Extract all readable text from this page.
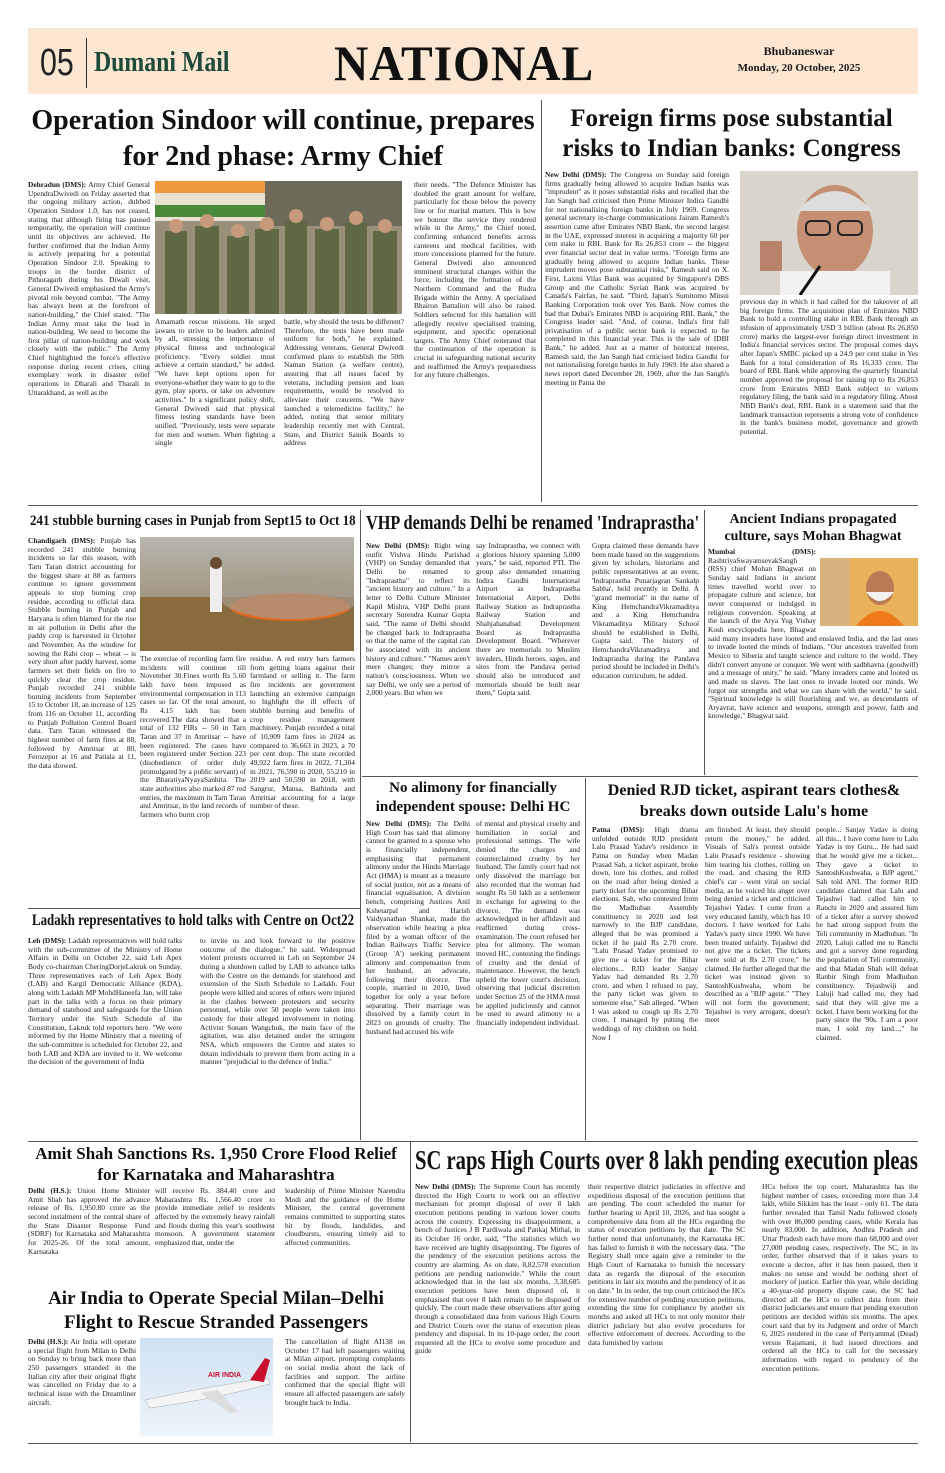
05 Dumani Mail NATIONAL	Bhubaneswar
Monday, 20 October, 2025
Operation Sindoor will continue, prepares for 2nd phase: Army Chief
Dehradun (DMS): Army Chief General UpendraDwivedi on Friday asserted that the ongoing military action, dubbed Operation Sindoor 1.0, has not ceased, stating that although firing has paused temporarily, the operation will continue until its objectives are achieved. He further confirmed that the Indian Army is actively preparing for a potential Operation Sindoor 2.0. Speaking to troops in the border district of Pithoragarh during his Diwali visit, General Dwivedi emphasised the Army's pivotal role beyond combat. "The Army has always been at the forefront of nation-building," the Chief stated. "The Indian Army must take the lead in nation-building. We need to become the first pillar of nation-building and work closely with the public." The Army Chief highlighted the force's effective response during recent crises, citing exemplary work in disaster relief operations in Dharali and Tharali in Uttarakhand, as well as the
Amarnath rescue missions. He urged jawans to strive to be leaders admired by all, stressing the importance of physical fitness and technological proficiency. "Every soldier must achieve a certain standard," he added. "We have kept options open for everyone-whether they want to go to the gym, play sports, or take on adventure activities." In a significant policy shift, General Dwivedi said that physical fitness testing standards have been unified. "Previously, tests were separate for men and women. When fighting a single
battle, why should the tests be different? Therefore, the tests have been made uniform for both," he explained. Addressing veterans, General Dwivedi confirmed plans to establish the 50th Naman Station (a welfare centre), assuring that all issues faced by veterans, including pension and loan requirements, would be resolved to alleviate their concerns. "We have launched a telemedicine facility," he added, noting that senior military leadership recently met with Central, State, and District Sainik Boards to address
their needs. "The Defence Minister has doubled the grant amount for welfare, particularly for those below the poverty line or for marital matters. This is how we honour the service they rendered while in the Army," the Chief noted, confirming enhanced benefits across canteens and medical facilities, with more concessions planned for the future. General Dwivedi also announced imminent structural changes within the force, including the formation of the Northern Command and the Rudra Brigade within the Army. A specialised Bhairon Battalion will also be raised. Soldiers selected for this battalion will allegedly receive specialised training, equipment, and specific operational targets. The Army Chief reiterated that the continuation of the operation is crucial in safeguarding national security and reaffirmed the Army's preparedness for any future challenges.
Foreign firms pose substantial risks to Indian banks: Congress
New Delhi (DMS): The Congress on Sunday said foreign firms gradually being allowed to acquire Indian banks was "imprudent" as it poses substantial risks and recalled that the Jan Sangh had criticised then Prime Minister Indira Gandhi for not nationalising foreign banks in July 1969. Congress general secretary in-charge communications Jairam Ramesh's assertion came after Emirates NBD Bank, the second largest in the UAE, expressed interest in acquiring a majority 60 per cent stake in RBL Bank for Rs 26,853 crore -- the biggest ever financial sector deal in value terms. "Foreign firms are gradually being allowed to acquire Indian banks. These imprudent moves pose substantial risks," Ramesh said on X. First, Laxmi Vilas Bank was acquired by Singapore's DBS Group and the Catholic Syrian Bank was acquired by Canada's Fairfax, he said. "Third, Japan's Sumitomo Mitsui Banking Corporation took over Yes Bank. Now comes the bad that Dubai's Emirates NBD is acquiring RBL Bank," the Congress leader said. "And, of course, India's first full privatisation of a public sector bank is expected to be completed in this financial year. This is the sale of IDBI Bank," he added. Just as a matter of historical interest, Ramesh said, the Jan Sangh had criticised Indira Gandhi for not nationalising foreign banks in July 1969. He also shared a news report dated December 28, 1969, after the Jan Sangh's meeting in Patna the
previous day in which it had called for the takeover of all big foreign firms. The acquisition plan of Emirates NBD Bank to hold a controlling stake in RBL Bank through an infusion of approximately USD 3 billion (about Rs 26,850 crore) marks the largest-ever foreign direct investment in India's financial services sector. The proposal comes days after Japan's SMBC picked up a 24.9 per cent stake in Yes Bank for a total consideration of Rs 16,333 crore. The board of RBL Bank while approving the quarterly financial number approved the proposal for raising up to Rs 26,853 crore from Emirates NBD Bank subject to various regulatory filing, the bank said in a regulatory filing. About NBD Bank's deal, RBL Bank in a statement said that the landmark transaction represents a strong vote of confidence in the bank's business model, governance and growth potential.
241 stubble burning cases in Punjab from Sept15 to Oct 18
Chandigarh (DMS): Punjab has recorded 241 stubble burning incidents so far this season, with Tarn Taran district accounting for the biggest share at 88 as farmers continue to ignore government appeals to stop burning crop residue, according to official data. Stubble burning in Punjab and Haryana is often blamed for the rise in air pollution in Delhi after the paddy crop is harvested in October and November. As the window for sowing the Rabi crop -- wheat -- is very short after paddy harvest, some farmers set their fields on fire to quickly clear the crop residue. Punjab recorded 241 stubble burning incidents from September 15 to October 18, an increase of 125 from 116 on October 11, according to Punjab Pollution Control Board data. Tarn Taran witnessed the highest number of farm fires at 88, followed by Amritsar at 80, Ferozepur at 16 and Patiala at 11, the data showed.
The exercise of recording farm fire incidents will continue till November 30.Fines worth Rs 5.60 lakh have been imposed as environmental compensation in 113 cases so far. Of the total amount, Rs 4.15 lakh has been recovered.The data showed that a total of 132 FIRs -- 50 in Tarn Taran and 37 in Amritsar -- have been registered. The cases have been registered under Section 223 (disobedience of order duly promulgated by a public servant) of the BharatiyaNyayaSanhita. The state authorities also marked 87 red entries, the maximum in Tarn Taran and Amritsar, in the land records of farmers who burnt crop
residue. A red entry bars farmers from getting loans against their farmland or selling it. The farm fire incidents are government launching an extensive campaign to highlight the ill effects of stubble burning and benefits of crop residue management machinery. Punjab recorded a total of 10,909 farm fires in 2024 as compared to 36,663 in 2023, a 70 per cent drop. The state recorded 49,922 farm fires in 2022, 71,304 in 2021, 76,590 in 2020, 55,210 in 2019 and 50,590 in 2018, with Sangrur, Mansa, Bathinda and Amritsar accounting for a large number of these.
VHP demands Delhi be renamed 'Indraprastha'
New Delhi (DMS): Right wing outfit Vishva Hindu Parishad (VHP) on Sunday demanded that Delhi be renamed to "Indraprastha" to reflect its "ancient history and culture." In a letter to Delhi Culture Minister Kapil Mishra, VHP Delhi prant secretary Surendra Kumar Gupta said, "The name of Delhi should be changed back to Indraprastha so that the name of the capital can be associated with its ancient history and culture." "Names aren't mere changes; they mirror a nation's consciousness. When we say Delhi, we only see a period of 2,000 years. But when we
say Indraprastha, we connect with a glorious history spanning 5,000 years," he said, reported PTI. The group also demanded renaming Indira Gandhi International Airport as Indraprastha International Airport, Delhi Railway Station as Indraprastha Railway Station and Shahjahanabad Development Board as Indraprastha Development Board. "Wherever there are memorials to Muslim invaders, Hindu heroes, sages, and sites from the Pandava period should also be introduced and memorials should be built near them," Gupta said.
Gupta claimed these demands have been made based on the suggestions given by scholars, historians and public representatives at an event, 'Indraprastha Punarjagran Sankalp Sabha', held recently in Delhi. A "grand memorial" in the name of King HemchandraVikramaditya and a King Hemchandra Vikramaditya Military School should be established in Delhi, Gupta said. The history of HemchandraVikramaditya and Indraprastha during the Pandava period should be included in Delhi's education curriculum, he added.
Ancient Indians propagated culture, says Mohan Bhagwat
Mumbai (DMS): RashtriyaSwayamsevakSangh (RSS) chief Mohan Bhagwat on Sunday said Indians in ancient times travelled world over to propagate culture and science, but never conquered or indulged in religious conversion. Speaking at the launch of the Arya Yug Vishay Kosh encyclopedia here, Bhagwat said many invaders have looted and enslaved India, and the last ones to invade looted the minds of Indians. "Our ancestors travelled from Mexico to Siberia and taught science and culture to the world. They didn't convert anyone or conquer. We went with sadbhavna (goodwill) and a message of unity," he said. "Many invaders came and looted us and made us slaves. The last ones to invade looted our minds. We forgot our strengths and what we can share with the world," he said. "Spiritual knowledge is still flourishing and we, as descendants of Aryavrat, have science and weapons, strength and power, faith and knowledge," Bhagwat said.
No alimony for financially independent spouse: Delhi HC
New Delhi (DMS): The Delhi High Court has said that alimony cannot be granted to a spouse who is financially independent, emphasising that permanent alimony under the Hindu Marriage Act (HMA) is meant as a measure of social justice, not as a means of financial equalisation. A division bench, comprising Justices Anil Kshetarpal and Harish Vaidyanathan Shankar, made the observation while hearing a plea filed by a woman officer of the Indian Railways Traffic Service (Group 'A') seeking permanent alimony and compensation from her husband, an advocate, following their divorce. The couple, married in 2010, lived together for only a year before separating. Their marriage was dissolved by a family court in 2023 on grounds of cruelty. The husband had accused his wife
of mental and physical cruelty and humiliation in social and professional settings. The wife denied the charges and counterclaimed cruelty by her husband. The family court had not only dissolved the marriage but also recorded that the woman had sought Rs 50 lakh as a settlement in exchange for agreeing to the divorce. The demand was acknowledged in her affidavit and reaffirmed during cross-examination. The court refused her plea for alimony. The woman moved HC, contesting the findings of cruelty and the denial of maintenance. However, the bench upheld the lower court's decision, observing that judicial discretion under Section 25 of the HMA must be applied judiciously and cannot be used to award alimony to a financially independent individual.
Denied RJD ticket, aspirant tears clothes& breaks down outside Lalu's home
Patna (DMS): High drama unfolded outside RJD president Lalu Prasad Yadav's residence in Patna on Sunday when Madan Prasad Sah, a ticket aspirant, broke down, tore his clothes, and rolled on the road after being denied a party ticket for the upcoming Bihar elections. Sah, who contested from the Madhuban Assembly constituency in 2020 and lost narrowly to the BJP candidate, alleged that he was promised a ticket if he paid Rs 2.70 crore. "Lalu Prasad Yadav promised to give me a ticket for the Bihar elections... RJD leader Sanjay Yadav had demanded Rs 2.70 crore, and when I refused to pay, the party ticket was given to someone else," Sah alleged. "When I was asked to cough up Rs 2.70 crore, I managed by putting the weddings of my children on hold. Now I
am finished. At least, they should return the money," he added. Visuals of Sah's protest outside Lalu Prasad's residence - showing him tearing his clothes, rolling on the road, and chasing the RJD chief's car - went viral on social media, as he voiced his anger over being denied a ticket and criticised Tejashwi Yadav. I come from a very educated family, which has 10 doctors. I have worked for Lalu Yadav's party since 1990. We have been treated unfairly. Tejashwi did not give me a ticket. The tickets were sold at Rs 2.70 crore," he claimed. He further alleged that the ticket was instead given to SantoshKushwaha, whom he described as a "BJP agent." "They will not form the government; Tejashwi is very arrogant, doesn't meet
people... Sanjay Yadav is doing all this... I have come here to Lalu Yadav is my Guru... He had said that he would give me a ticket... They gave a ticket to SantoshKushwaha, a BJP agent," Sah told ANI. The former RJD candidate claimed that Lalu and Tejashwi had called him to Ranchi in 2020 and assured him of a ticket after a survey showed he had strong support from the Teli community in Madhuban. "In 2020, Laluji called me to Ranchi and got a survey done regarding the population of Teli community, and that Madan Shah will defeat Ranbir Singh from Madhuban constituency. Tejashwiji and Laluji had called me, they had said that they will give me a ticket. I have been working for the party since the '90s. I am a poor man, I sold my land...," he claimed.
Ladakh representatives to hold talks with Centre on Oct22
Leh (DMS): Ladakh representatives will hold talks with the sub-committee of the Ministry of Home Affairs in Delhi on October 22, said Leh Apex Body co-chairman CheringDorjeLakruk on Sunday. Three representatives each of Leh Apex Body (LAB) and Kargil Democratic Alliance (KDA), along with Ladakh MP MohdHaneefa Jan, will take part in the talks with a focus on their primary demand of statehood and safeguards for the Union Territory under the Sixth Schedule of the Constitution, Lakruk told reporters here. "We were informed by the Home Ministry that a meeting of the sub-committee is scheduled for October 22, and both LAB and KDA are invited to it. We welcome the decision of the government of India
to invite us and look forward to the positive outcome of the dialogue," he said. Widespread violent protests occurred in Leh on September 24 during a shutdown called by LAB to advance talks with the Centre on the demands for statehood and extension of the Sixth Schedule to Ladakh. Four people were killed and scores of others were injured in the clashes between protesters and security personnel, while over 50 people were taken into custody for their alleged involvement in rioting. Activist Sonam Wangchuk, the main face of the agitation, was also detained under the stringent NSA, which empowers the Centre and states to detain individuals to prevent them from acting in a manner "prejudicial to the defence of India."
Amit Shah Sanctions Rs. 1,950 Crore Flood Relief for Karnataka and Maharashtra
Delhi (H.S.): Union Home Minister Amit Shah has approved the advance release of Rs. 1,950.80 crore as the second instalment of the central share of the State Disaster Response Fund (SDRF) for Karnataka and Maharashtra for 2025-26. Of the total amount, Karnataka
will receive Rs. 384.40 crore and Maharashtra Rs. 1,566.40 crore to provide immediate relief to residents affected by the extremely heavy rainfall and floods during this year's southwest monsoon. A government statement emphasized that, under the
leadership of Prime Minister Narendra Modi and the guidance of the Home Minister, the central government remains committed to supporting states hit by floods, landslides, and cloudbursts, ensuring timely aid to affected communities.
Air India to Operate Special Milan–Delhi Flight to Rescue Stranded Passengers
Delhi (H.S.): Air India will operate a special flight from Milan to Delhi on Sunday to bring back more than 250 passengers stranded in the Italian city after their original flight was cancelled on Friday due to a technical issue with the Dreamliner aircraft.
AIR INDIA
The cancellation of flight AI138 on October 17 had left passengers waiting at Milan airport, prompting complaints on social media about the lack of facilities and support. The airline confirmed that the special flight will ensure all affected passengers are safely brought back to India.
SC raps High Courts over 8 lakh pending execution pleas
New Delhi (DMS): The Supreme Court has recently directed the High Courts to work out an effective mechanism for prompt disposal of over 8 lakh execution petitions pending in various lower courts across the country. Expressing its disappointment, a bench of Justices J B Pardiwala and Pankaj Mithal, in its October 16 order, said, "The statistics which we have received are highly disappointing. The figures of the pendency of the execution petitions across the country are alarming. As on date, 8,82,578 execution petitions are pending nationwide." While the court acknowledged that in the last six months, 3,38,685 execution petitions have been disposed of, it emphasised that over 8 lakh remain to be disposed of quickly. The court made these observations after going through a consolidated data from various High Courts and District Courts over the status of execution pleas pendency and disposal. In its 10-page order, the court requested all the HCs to evolve some procedure and guide
their respective district judiciaries in effective and expeditious disposal of the execution petitions that are pending. The court scheduled the matter for further hearing to April 10, 2026, and has sought a comprehensive data from all the HCs regarding the status of execution petitions by that date. The SC further noted that unfortunately, the Karnataka HC has failed to furnish it with the necessary data. "The Registry shall once again give a reminder to the High Court of Karnataka to furnish the necessary data as regards the disposal of the execution petitions in last six months and the pendency of it as on date." In its order, the top court criticised the HCs for extensive number of pending execution petitions, extending the time for compliance by another six months and asked all HCs to not only monitor their district judiciary but also evolve procedures for effective enforcement of decrees. According to the data furnished by various
HCs before the top court, Maharashtra has the highest number of cases, exceeding more than 3.4 lakh, while Sikkim has the least - only 61. The data further revealed that Tamil Nadu followed closely with over 86,000 pending cases, while Kerala has nearly 83,000. In addition, Andhra Pradesh and Uttar Pradesh each have more than 68,000 and over 27,000 pending cases, respectively. The SC, in its order, further observed that if it takes years to execute a decree, after it has been passed, then it makes no sense and would be nothing short of mockery of justice. Earlier this year, while deciding a 40-year-old property dispute case, the SC had directed all the HCs to collect data from their district judiciaries and ensure that pending execution petitions are decided within six months. The apex court said that by its Judgment and order of March 6, 2025 rendered in the case of Periyammal (Dead) versus Rajamani, it had issued directions and ordered all the HCs to call for the necessary information with regard to pendency of the execution petitions.
